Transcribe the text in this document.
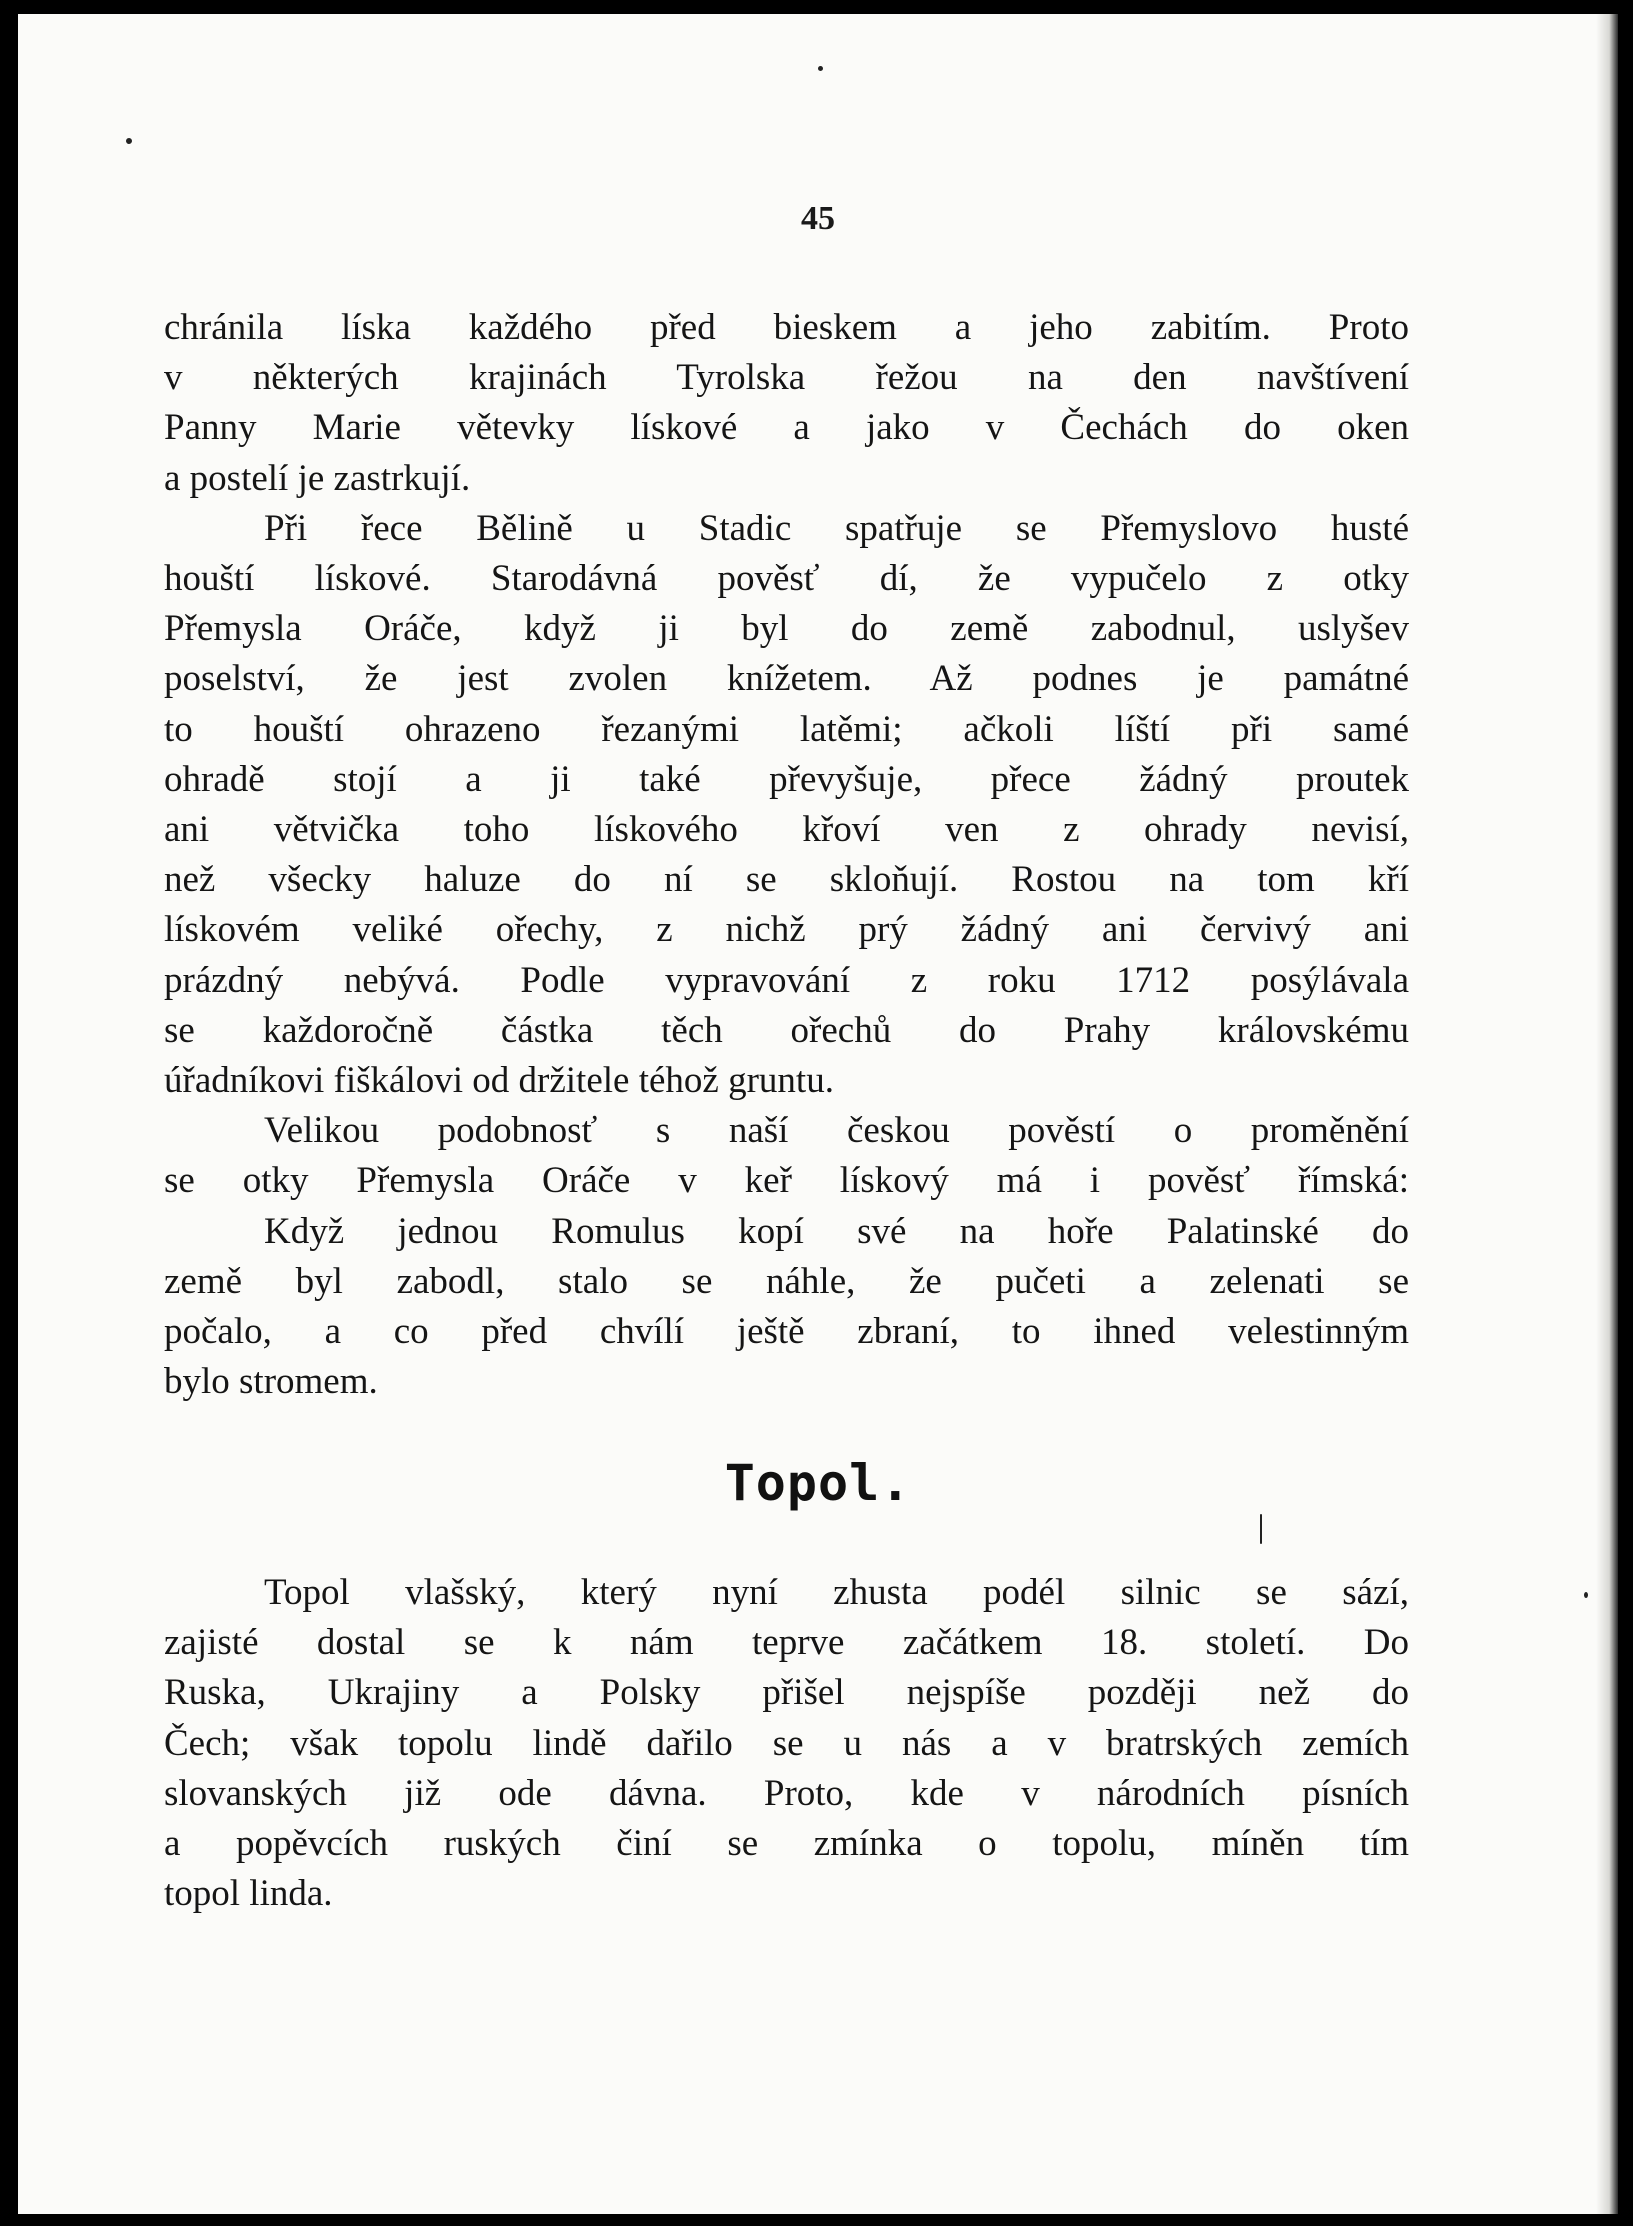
45
chránila líska každého před bieskem a jeho zabitím. Proto
v některých krajinách Tyrolska řežou na den navštívení
Panny Marie větevky lískové a jako v Čechách do oken
a postelí je zastrkují.
Při řece Bělině u Stadic spatřuje se Přemyslovo husté
houští lískové. Starodávná pověsť dí, že vypučelo z otky
Přemysla Oráče, když ji byl do země zabodnul, uslyšev
poselství, že jest zvolen knížetem. Až podnes je památné
to houští ohrazeno řezanými latěmi; ačkoli líští při samé
ohradě stojí a ji také převyšuje, přece žádný proutek
ani větvička toho lískového křoví ven z ohrady nevisí,
než všecky haluze do ní se skloňují. Rostou na tom kří
lískovém veliké ořechy, z nichž prý žádný ani červivý ani
prázdný nebývá. Podle vypravování z roku 1712 posýlávala
se každoročně částka těch ořechů do Prahy královskému
úřadníkovi fiškálovi od držitele téhož gruntu.
Velikou podobnosť s naší českou pověstí o proměnění
se otky Přemysla Oráče v keř lískový má i pověsť římská:
Když jednou Romulus kopí své na hoře Palatinské do
země byl zabodl, stalo se náhle, že pučeti a zelenati se
počalo, a co před chvílí ještě zbraní, to ihned velestinným
bylo stromem.
Topol.
Topol vlašský, který nyní zhusta podél silnic se sází,
zajisté dostal se k nám teprve začátkem 18. století. Do
Ruska, Ukrajiny a Polsky přišel nejspíše později než do
Čech; však topolu lindě dařilo se u nás a v bratrských zemích
slovanských již ode dávna. Proto, kde v národních písních
a popěvcích ruských činí se zmínka o topolu, míněn tím
topol linda.
